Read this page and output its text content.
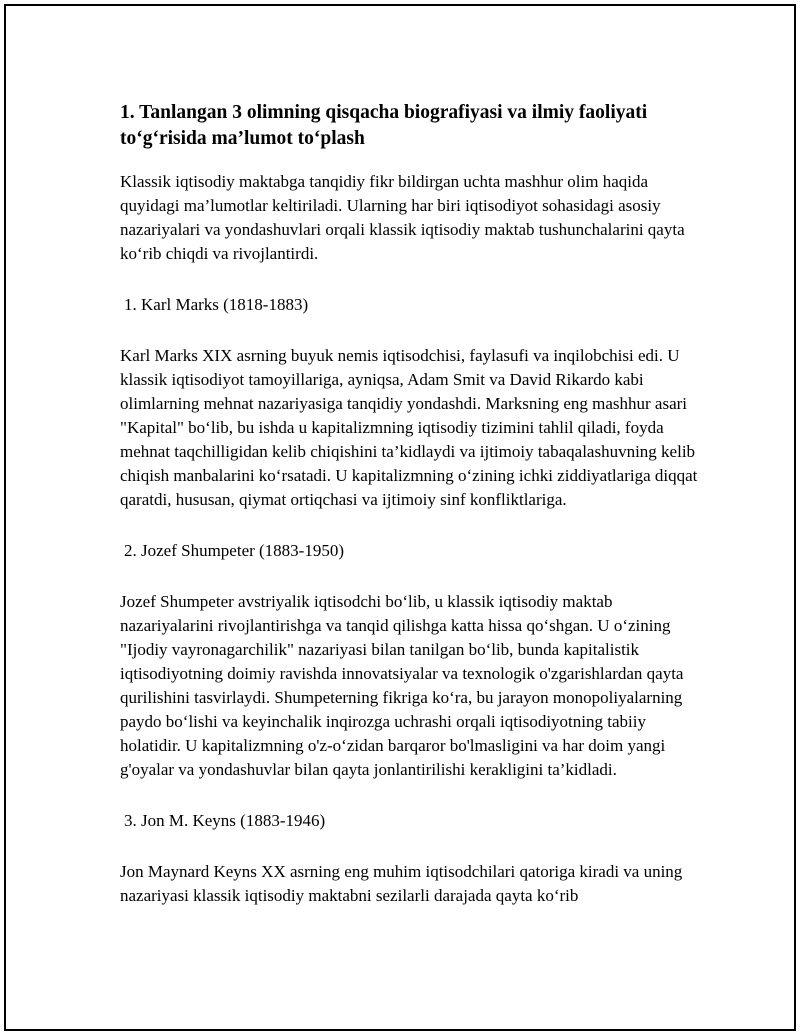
1. Tanlangan 3 olimning qisqacha biografiyasi va ilmiy faoliyati to‘g‘risida ma’lumot to‘plash

Klassik iqtisodiy maktabga tanqidiy fikr bildirgan uchta mashhur olim haqida quyidagi ma’lumotlar keltiriladi. Ularning har biri iqtisodiyot sohasidagi asosiy nazariyalari va yondashuvlari orqali klassik iqtisodiy maktab tushunchalarini qayta ko‘rib chiqdi va rivojlantirdi.

1. Karl Marks (1818-1883)

Karl Marks XIX asrning buyuk nemis iqtisodchisi, faylasufi va inqilobchisi edi. U klassik iqtisodiyot tamoyillariga, ayniqsa, Adam Smit va David Rikardo kabi olimlarning mehnat nazariyasiga tanqidiy yondashdi. Marksning eng mashhur asari "Kapital" bo‘lib, bu ishda u kapitalizmning iqtisodiy tizimini tahlil qiladi, foyda mehnat taqchilligidan kelib chiqishini ta’kidlaydi va ijtimoiy tabaqalashuvning kelib chiqish manbalarini ko‘rsatadi. U kapitalizmning o‘zining ichki ziddiyatlariga diqqat qaratdi, hususan, qiymat ortiqchasi va ijtimoiy sinf konfliktlariga.

2. Jozef Shumpeter (1883-1950)

Jozef Shumpeter avstriyalik iqtisodchi bo‘lib, u klassik iqtisodiy maktab nazariyalarini rivojlantirishga va tanqid qilishga katta hissa qo‘shgan. U o‘zining "Ijodiy vayronagarchilik" nazariyasi bilan tanilgan bo‘lib, bunda kapitalistik iqtisodiyotning doimiy ravishda innovatsiyalar va texnologik o'zgarishlardan qayta qurilishini tasvirlaydi. Shumpeterning fikriga ko‘ra, bu jarayon monopoliyalarning paydo bo‘lishi va keyinchalik inqirozga uchrashi orqali iqtisodiyotning tabiiy holatidir. U kapitalizmning o'z-o‘zidan barqaror bo'lmasligini va har doim yangi g'oyalar va yondashuvlar bilan qayta jonlantirilishi kerakligini ta’kidladi.

3. Jon M. Keyns (1883-1946)

Jon Maynard Keyns XX asrning eng muhim iqtisodchilari qatoriga kiradi va uning nazariyasi klassik iqtisodiy maktabni sezilarli darajada qayta ko‘rib
